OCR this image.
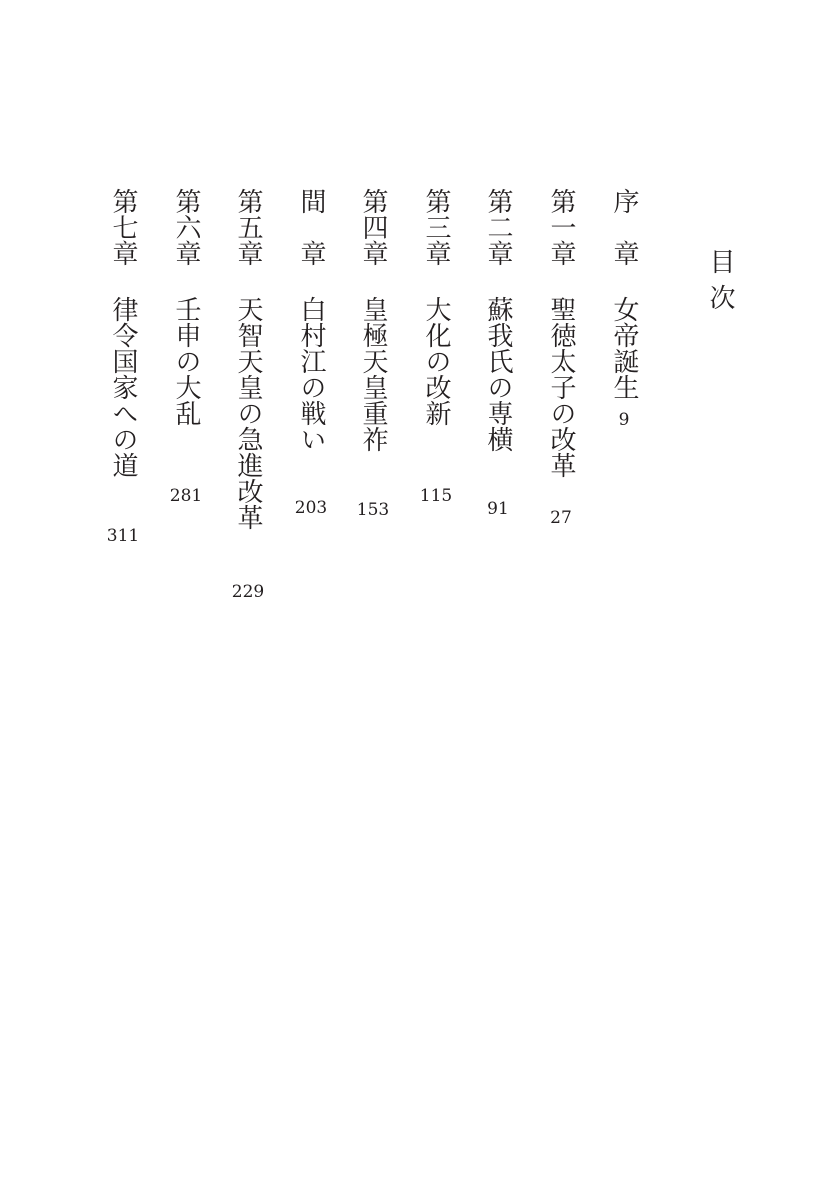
目
次
序　章
女帝誕生
9
第一章
聖徳太子の改革
27
第二章
蘇我氏の専横
91
第三章
大化の改新
115
第四章
皇極天皇重祚
153
間　章
白村江の戦い
203
第五章
天智天皇の急進改革
229
第六章
壬申の大乱
281
第七章
律令国家への道
311
